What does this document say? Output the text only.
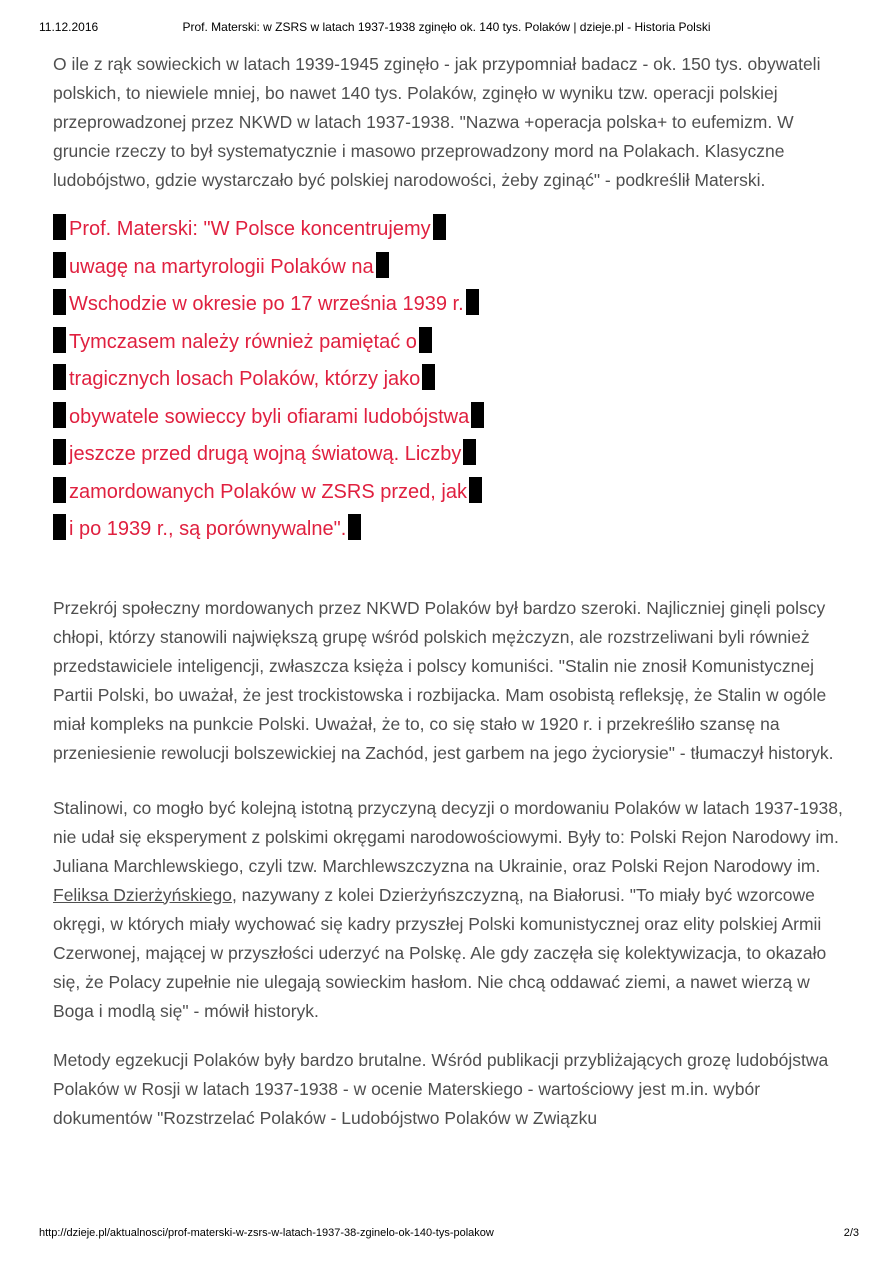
11.12.2016	Prof. Materski: w ZSRS w latach 1937-1938 zginęło ok. 140 tys. Polaków | dzieje.pl - Historia Polski

O ile z rąk sowieckich w latach 1939-1945 zginęło - jak przypomniał badacz - ok. 150 tys. obywateli polskich, to niewiele mniej, bo nawet 140 tys. Polaków, zginęło w wyniku tzw. operacji polskiej przeprowadzonej przez NKWD w latach 1937-1938. "Nazwa +operacja polska+ to eufemizm. W gruncie rzeczy to był systematycznie i masowo przeprowadzony mord na Polakach. Klasyczne ludobójstwo, gdzie wystarczało być polskiej narodowości, żeby zginąć" - podkreślił Materski.

Prof. Materski: "W Polsce koncentrujemy
uwagę na martyrologii Polaków na
Wschodzie w okresie po 17 września 1939 r.
Tymczasem należy również pamiętać o
tragicznych losach Polaków, którzy jako
obywatele sowieccy byli ofiarami ludobójstwa
jeszcze przed drugą wojną światową. Liczby
zamordowanych Polaków w ZSRS przed, jak
i po 1939 r., są porównywalne".

Przekrój społeczny mordowanych przez NKWD Polaków był bardzo szeroki. Najliczniej ginęli polscy chłopi, którzy stanowili największą grupę wśród polskich mężczyzn, ale rozstrzeliwani byli również przedstawiciele inteligencji, zwłaszcza księża i polscy komuniści. "Stalin nie znosił Komunistycznej Partii Polski, bo uważał, że jest trockistowska i rozbijacka. Mam osobistą refleksję, że Stalin w ogóle miał kompleks na punkcie Polski. Uważał, że to, co się stało w 1920 r. i przekreśliło szansę na przeniesienie rewolucji bolszewickiej na Zachód, jest garbem na jego życiorysie" - tłumaczył historyk.

Stalinowi, co mogło być kolejną istotną przyczyną decyzji o mordowaniu Polaków w latach 1937-1938, nie udał się eksperyment z polskimi okręgami narodowościowymi. Były to: Polski Rejon Narodowy im. Juliana Marchlewskiego, czyli tzw. Marchlewszczyzna na Ukrainie, oraz Polski Rejon Narodowy im. Feliksa Dzierżyńskiego, nazywany z kolei Dzierżyńszczyzną, na Białorusi. "To miały być wzorcowe okręgi, w których miały wychować się kadry przyszłej Polski komunistycznej oraz elity polskiej Armii Czerwonej, mającej w przyszłości uderzyć na Polskę. Ale gdy zaczęła się kolektywizacja, to okazało się, że Polacy zupełnie nie ulegają sowieckim hasłom. Nie chcą oddawać ziemi, a nawet wierzą w Boga i modlą się" - mówił historyk.

Metody egzekucji Polaków były bardzo brutalne. Wśród publikacji przybliżających grozę ludobójstwa Polaków w Rosji w latach 1937-1938 - w ocenie Materskiego - wartościowy jest m.in. wybór dokumentów "Rozstrzelać Polaków - Ludobójstwo Polaków w Związku

http://dzieje.pl/aktualnosci/prof-materski-w-zsrs-w-latach-1937-38-zginelo-ok-140-tys-polakow	2/3
